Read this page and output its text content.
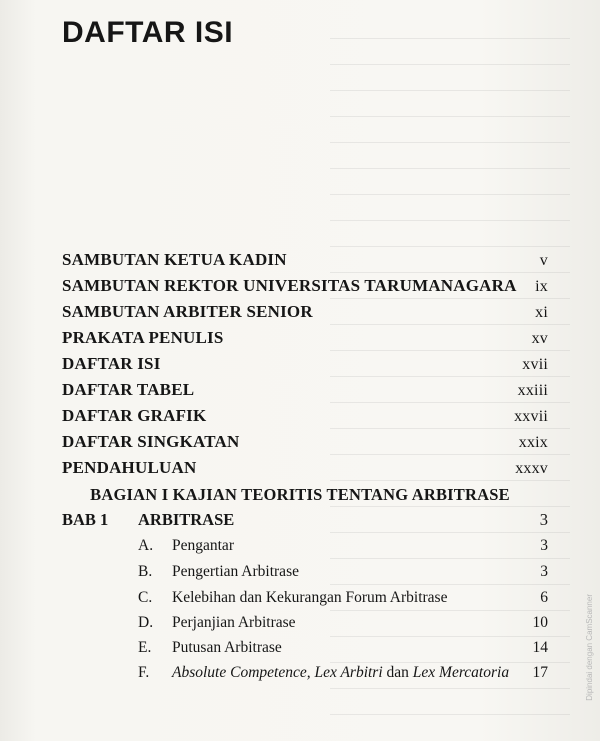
DAFTAR ISI
SAMBUTAN KETUA KADIN	v
SAMBUTAN REKTOR UNIVERSITAS TARUMANAGARA ix
SAMBUTAN ARBITER SENIOR	xi
PRAKATA PENULIS	xv
DAFTAR ISI	xvii
DAFTAR TABEL	xxiii
DAFTAR GRAFIK	xxvii
DAFTAR SINGKATAN	xxix
PENDAHULUAN	xxxv
BAGIAN I KAJIAN TEORITIS TENTANG ARBITRASE
BAB 1	ARBITRASE	3
A.	Pengantar	3
B.	Pengertian Arbitrase	3
C.	Kelebihan dan Kekurangan Forum Arbitrase	6
D.	Perjanjian Arbitrase	10
E.	Putusan Arbitrase	14
F.	Absolute Competence, Lex Arbitri dan Lex Mercatoria	17	Dipindai dengan CamScanner
